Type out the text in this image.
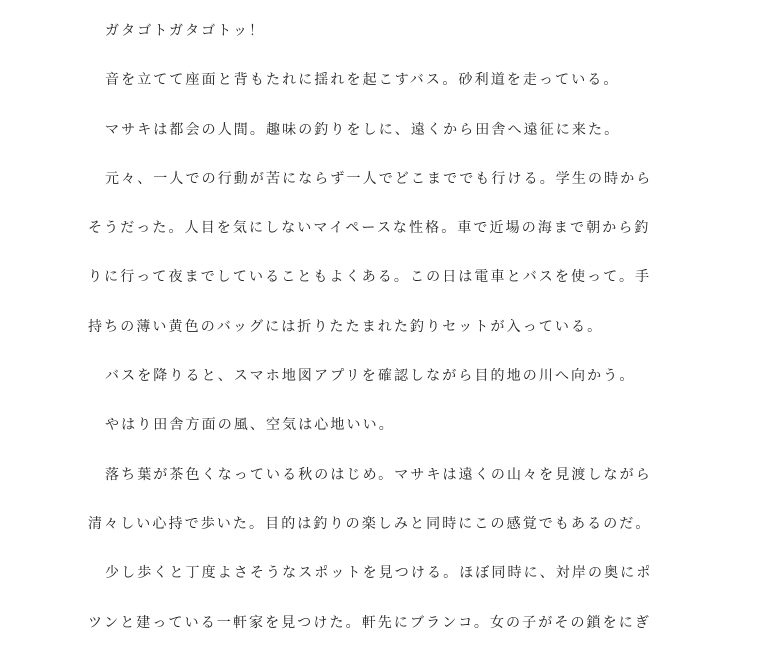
ガタゴトガタゴトッ！
音を立てて座面と背もたれに揺れを起こすバス。砂利道を走っている。
マサキは都会の人間。趣味の釣りをしに、遠くから田舎へ遠征に来た。
元々、一人での行動が苦にならず一人でどこまででも行ける。学生の時から
そうだった。人目を気にしないマイペースな性格。車で近場の海まで朝から釣
りに行って夜までしていることもよくある。この日は電車とバスを使って。手
持ちの薄い黄色のバッグには折りたたまれた釣りセットが入っている。
バスを降りると、スマホ地図アプリを確認しながら目的地の川へ向かう。
やはり田舎方面の風、空気は心地いい。
落ち葉が茶色くなっている秋のはじめ。マサキは遠くの山々を見渡しながら
清々しい心持で歩いた。目的は釣りの楽しみと同時にこの感覚でもあるのだ。
少し歩くと丁度よさそうなスポットを見つける。ほぼ同時に、対岸の奥にポ
ツンと建っている一軒家を見つけた。軒先にブランコ。女の子がその鎖をにぎ
